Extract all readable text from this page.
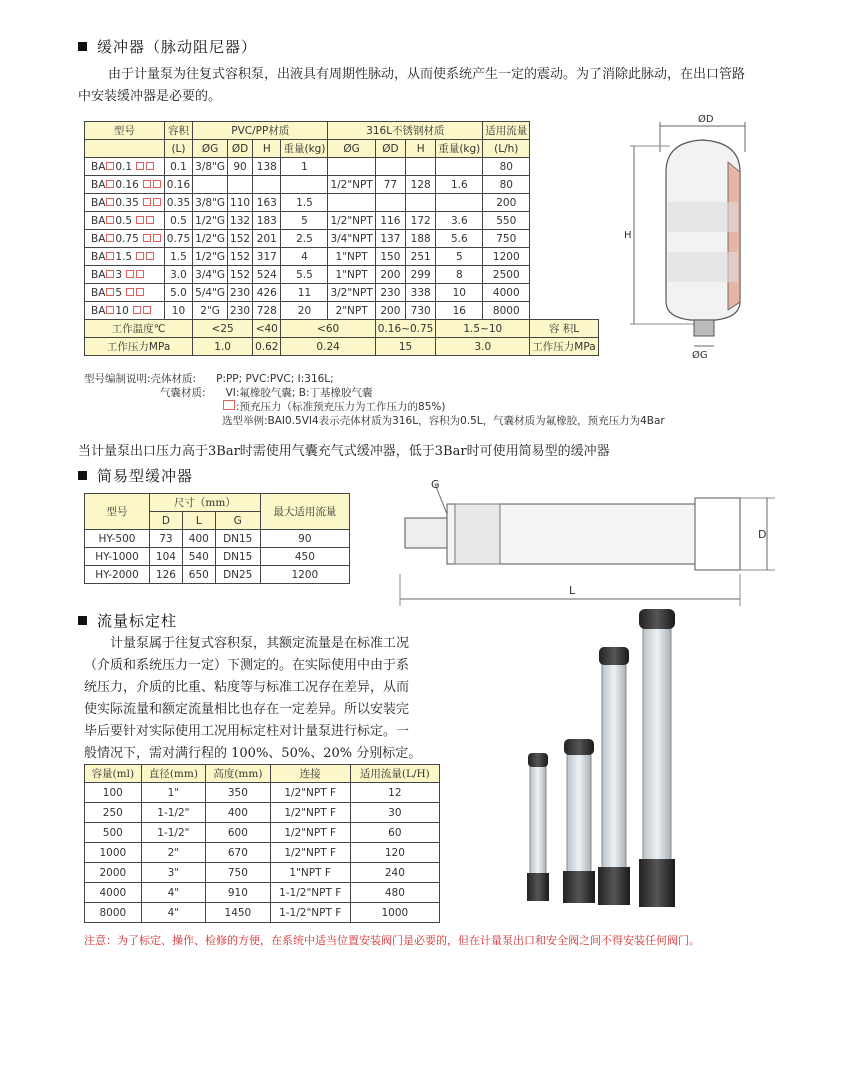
缓冲器（脉动阻尼器）
由于计量泵为往复式容积泵，出液具有周期性脉动，从而使系统产生一定的震动。为了消除此脉动，在出口管路
中安装缓冲器是必要的。
型号	容积	PVC/PP材质				316L不锈钢材质				适用流量	
	(L)	ØG	ØD	H	重量(kg)	ØG	ØD	H	重量(kg)	(L/h)	
BA 0.1	0.1	3/8"G	90	138	1					80	
BA 0.16	0.16					1/2"NPT	77	128	1.6	80	
BA 0.35	0.35	3/8"G	110	163	1.5					200	
BA 0.5	0.5	1/2"G	132	183	5	1/2"NPT	116	172	3.6	550	
BA 0.75	0.75	1/2"G	152	201	2.5	3/4"NPT	137	188	5.6	750	
BA 1.5	1.5	1/2"G	152	317	4	1"NPT	150	251	5	1200	
BA 3	3.0	3/4"G	152	524	5.5	1"NPT	200	299	8	2500	
BA 5	5.0	5/4"G	230	426	11	3/2"NPT	230	338	10	4000	
BA 10	10	2"G	230	728	20	2"NPT	200	730	16	8000	
工作温度℃		<25		<40	<60		0.16~0.75		1.5~10		容 积L
工作压力MPa		1.0		0.62	0.24		15		3.0		工作压力MPa
型号编制说明:壳体材质: P:PP; PVC:PVC; I:316L;
气囊材质: VI:氟橡胶气囊; B:丁基橡胶气囊
:预充压力（标准预充压力为工作压力的85%)
选型举例:BAI0.5VI4表示壳体材质为316L，容积为0.5L，气囊材质为氟橡胶，预充压力为4Bar
ØD
H
ØG
当计量泵出口压力高于3Bar时需使用气囊充气式缓冲器，低于3Bar时可使用简易型的缓冲器
简易型缓冲器
型号	尺寸（mm）			最大适用流量
	D	L	G	
HY-500	73	400	DN15	90
HY-1000	104	540	DN15	450
HY-2000	126	650	DN25	1200
G
D
L
流量标定柱
计量泵属于往复式容积泵，其额定流量是在标准工况
（介质和系统压力一定）下测定的。在实际使用中由于系
统压力，介质的比重、粘度等与标准工况存在差异，从而
使实际流量和额定流量相比也存在一定差异。所以安装完
毕后要针对实际使用工况用标定柱对计量泵进行标定。一
般情况下，需对满行程的 100%、50%、20% 分别标定。
容量(ml)	直径(mm)	高度(mm)	连接	适用流量(L/H)
100	1"	350	1/2"NPT F	12
250	1-1/2"	400	1/2"NPT F	30
500	1-1/2"	600	1/2"NPT F	60
1000	2"	670	1/2"NPT F	120
2000	3"	750	1"NPT F	240
4000	4"	910	1-1/2"NPT F	480
8000	4"	1450	1-1/2"NPT F	1000
注意：为了标定、操作、检修的方便，在系统中适当位置安装阀门是必要的，但在计量泵出口和安全阀之间不得安装任何阀门。
